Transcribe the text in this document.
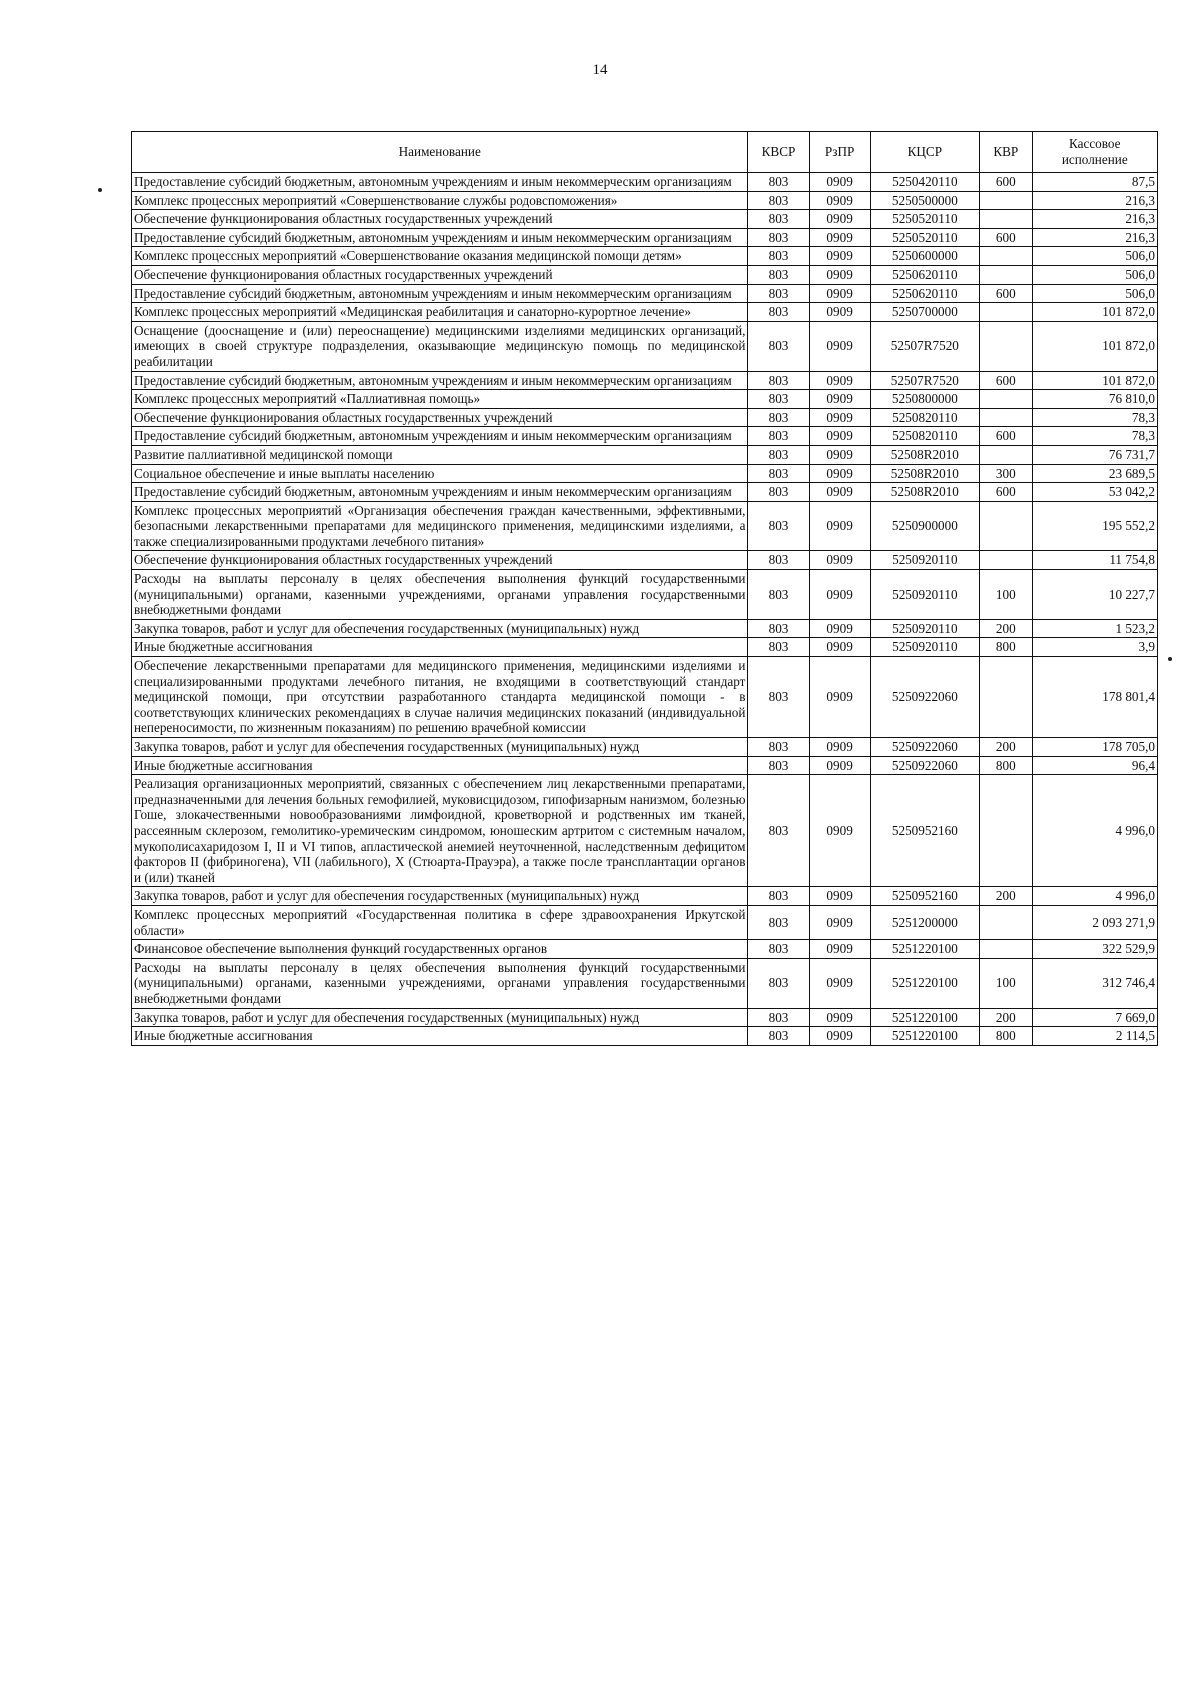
14
Наименование	КВСР	РзПР	КЦСР	КВР	Кассовое исполнение
Предоставление субсидий бюджетным, автономным учреждениям и иным некоммерческим организациям	803	0909	5250420110	600	87,5
Комплекс процессных мероприятий «Совершенствование службы родовспоможения»	803	0909	5250500000		216,3
Обеспечение функционирования областных государственных учреждений	803	0909	5250520110		216,3
Предоставление субсидий бюджетным, автономным учреждениям и иным некоммерческим организациям	803	0909	5250520110	600	216,3
Комплекс процессных мероприятий «Совершенствование оказания медицинской помощи детям»	803	0909	5250600000		506,0
Обеспечение функционирования областных государственных учреждений	803	0909	5250620110		506,0
Предоставление субсидий бюджетным, автономным учреждениям и иным некоммерческим организациям	803	0909	5250620110	600	506,0
Комплекс процессных мероприятий «Медицинская реабилитация и санаторно-курортное лечение»	803	0909	5250700000		101 872,0
Оснащение (дооснащение и (или) переоснащение) медицинскими изделиями медицинских организаций, имеющих в своей структуре подразделения, оказывающие медицинскую помощь по медицинской реабилитации	803	0909	52507R7520		101 872,0
Предоставление субсидий бюджетным, автономным учреждениям и иным некоммерческим организациям	803	0909	52507R7520	600	101 872,0
Комплекс процессных мероприятий «Паллиативная помощь»	803	0909	5250800000		76 810,0
Обеспечение функционирования областных государственных учреждений	803	0909	5250820110		78,3
Предоставление субсидий бюджетным, автономным учреждениям и иным некоммерческим организациям	803	0909	5250820110	600	78,3
Развитие паллиативной медицинской помощи	803	0909	52508R2010		76 731,7
Социальное обеспечение и иные выплаты населению	803	0909	52508R2010	300	23 689,5
Предоставление субсидий бюджетным, автономным учреждениям и иным некоммерческим организациям	803	0909	52508R2010	600	53 042,2
Комплекс процессных мероприятий «Организация обеспечения граждан качественными, эффективными, безопасными лекарственными препаратами для медицинского применения, медицинскими изделиями, а также специализированными продуктами лечебного питания»	803	0909	5250900000		195 552,2
Обеспечение функционирования областных государственных учреждений	803	0909	5250920110		11 754,8
Расходы на выплаты персоналу в целях обеспечения выполнения функций государственными (муниципальными) органами, казенными учреждениями, органами управления государственными внебюджетными фондами	803	0909	5250920110	100	10 227,7
Закупка товаров, работ и услуг для обеспечения государственных (муниципальных) нужд	803	0909	5250920110	200	1 523,2
Иные бюджетные ассигнования	803	0909	5250920110	800	3,9
Обеспечение лекарственными препаратами для медицинского применения, медицинскими изделиями и специализированными продуктами лечебного питания, не входящими в соответствующий стандарт медицинской помощи, при отсутствии разработанного стандарта медицинской помощи - в соответствующих клинических рекомендациях в случае наличия медицинских показаний (индивидуальной непереносимости, по жизненным показаниям) по решению врачебной комиссии	803	0909	5250922060		178 801,4
Закупка товаров, работ и услуг для обеспечения государственных (муниципальных) нужд	803	0909	5250922060	200	178 705,0
Иные бюджетные ассигнования	803	0909	5250922060	800	96,4
Реализация организационных мероприятий, связанных с обеспечением лиц лекарственными препаратами, предназначенными для лечения больных гемофилией, муковисцидозом, гипофизарным нанизмом, болезнью Гоше, злокачественными новообразованиями лимфоидной, кроветворной и родственных им тканей, рассеянным склерозом, гемолитико-уремическим синдромом, юношеским артритом с системным началом, мукополисахаридозом I, II и VI типов, апластической анемией неуточненной, наследственным дефицитом факторов II (фибриногена), VII (лабильного), X (Стюарта-Прауэра), а также после трансплантации органов и (или) тканей	803	0909	5250952160		4 996,0
Закупка товаров, работ и услуг для обеспечения государственных (муниципальных) нужд	803	0909	5250952160	200	4 996,0
Комплекс процессных мероприятий «Государственная политика в сфере здравоохранения Иркутской области»	803	0909	5251200000		2 093 271,9
Финансовое обеспечение выполнения функций государственных органов	803	0909	5251220100		322 529,9
Расходы на выплаты персоналу в целях обеспечения выполнения функций государственными (муниципальными) органами, казенными учреждениями, органами управления государственными внебюджетными фондами	803	0909	5251220100	100	312 746,4
Закупка товаров, работ и услуг для обеспечения государственных (муниципальных) нужд	803	0909	5251220100	200	7 669,0
Иные бюджетные ассигнования	803	0909	5251220100	800	2 114,5
